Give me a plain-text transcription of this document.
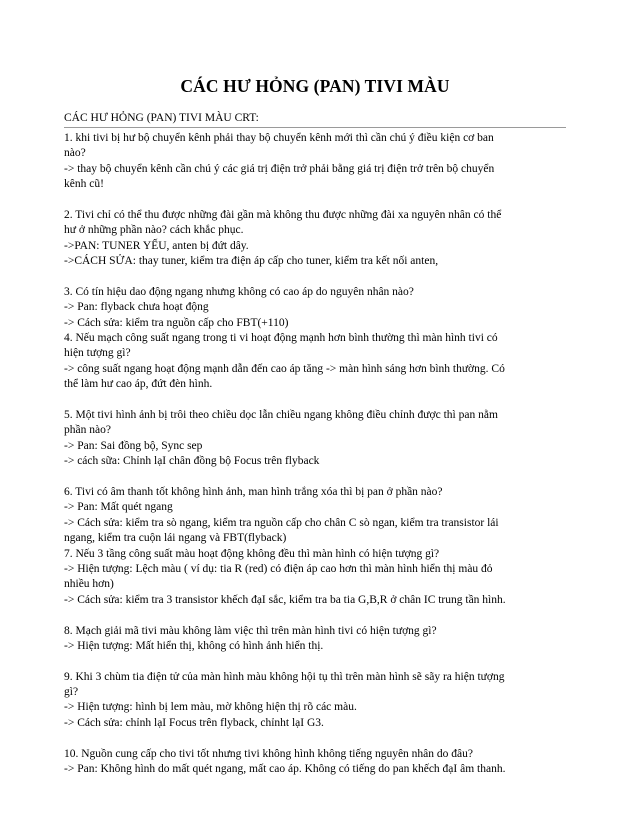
CÁC HƯ HỎNG (PAN) TIVI MÀU
CÁC HƯ HỎNG (PAN) TIVI MÀU CRT:
1. khi tivi bị hư bộ chuyển kênh phải thay bộ chuyển kênh mới thì cần chú ý điều kiện cơ ban
nào?
-> thay bộ chuyển kênh cần chú ý các giá trị điện trở phải bằng giá trị điện trở trên bộ chuyển
kênh cũ!
2. Tivi chỉ có thể thu được những đài gần mà không thu được những đài xa nguyên nhân có thể
hư ở những phần nào? cách khắc phục.
->PAN: TUNER YẾU, anten bị đứt dây.
->CÁCH SỬA: thay tuner, kiểm tra điện áp cấp cho tuner, kiểm tra kết nối anten,
3. Có tín hiệu dao động ngang nhưng không có cao áp do nguyên nhân nào?
-> Pan: flyback chưa hoạt động
-> Cách sửa: kiểm tra nguồn cấp cho FBT(+110)
4. Nếu mạch công suất ngang trong ti vi hoạt động mạnh hơn bình thường thì màn hình tivi có
hiện tượng gì?
-> công suất ngang hoạt động mạnh dẫn đến cao áp tăng -> màn hình sáng hơn bình thường. Có
thể làm hư cao áp, đứt đèn hình.
5. Một tivi hình ảnh bị trôi theo chiều dọc lẫn chiều ngang không điều chỉnh được thì pan nằm
phần nào?
-> Pan: Sai đồng bộ, Sync sep
-> cách sữa: Chỉnh lạI chân đồng bộ Focus trên flyback
6. Tivi có âm thanh tốt không hình ảnh, man hình trắng xóa thì bị pan ở phần nào?
-> Pan: Mất quét ngang
-> Cách sửa: kiểm tra sò ngang, kiểm tra nguồn cấp cho chân C sò ngan, kiểm tra transistor lái
ngang, kiểm tra cuộn lái ngang và FBT(flyback)
7. Nếu 3 tầng công suất màu hoạt động không đều thì màn hình có hiện tượng gì?
-> Hiện tượng: Lệch màu ( ví dụ: tia R (red) có điện áp cao hơn thì màn hình hiển thị màu đỏ
nhiều hơn)
-> Cách sửa: kiểm tra 3 transistor khếch đạI sắc, kiểm tra ba tia G,B,R ở chân IC trung tần hình.
8. Mạch giải mã tivi màu không làm việc thì trên màn hình tivi có hiện tượng gì?
-> Hiện tượng: Mất hiển thị, không có hình ảnh hiển thị.
9. Khi 3 chùm tia điện tử của màn hình màu không hội tụ thì trên màn hình sẽ sãy ra hiện tượng
gì?
-> Hiện tượng: hình bị lem màu, mờ không hiện thị rõ các màu.
-> Cách sửa: chỉnh lạI Focus trên flyback, chỉnht lạI G3.
10. Nguồn cung cấp cho tivi tốt nhưng tivi không hình không tiếng nguyên nhân do đâu?
-> Pan: Không hình do mất quét ngang, mất cao áp. Không có tiếng do pan khếch đạI âm thanh.
